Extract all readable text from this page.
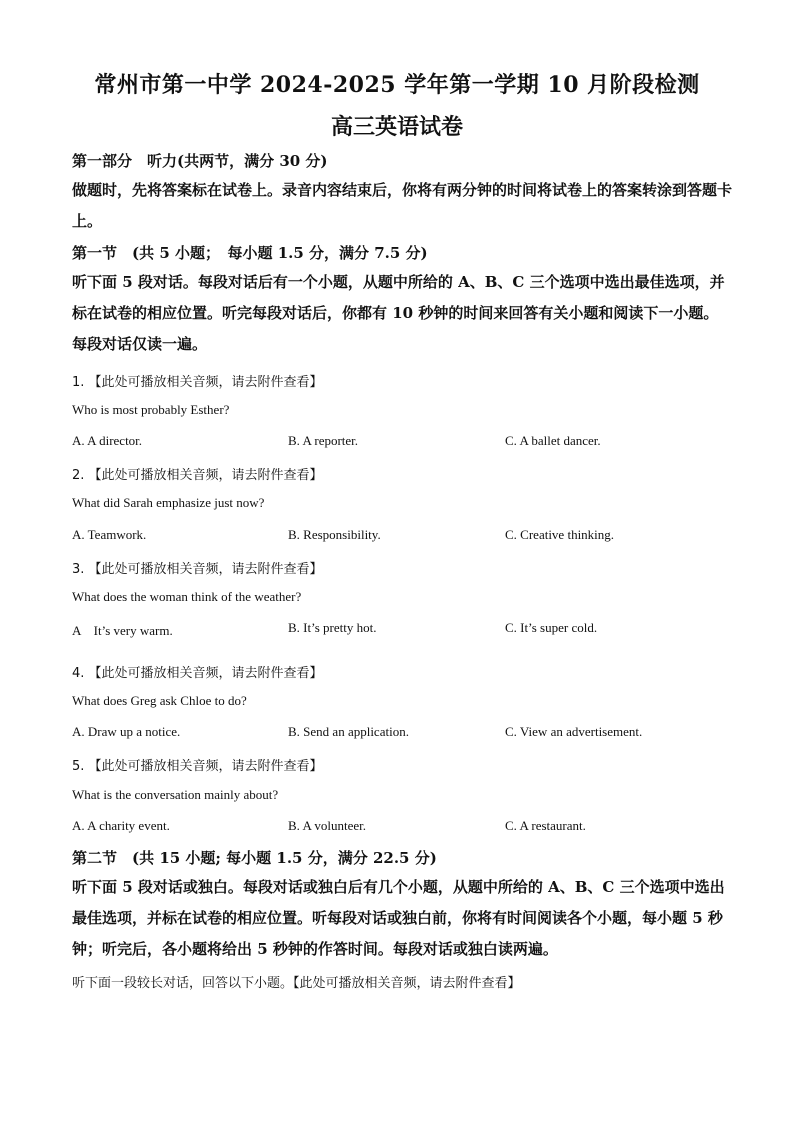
常州市第一中学 2024-2025 学年第一学期 10 月阶段检测
高三英语试卷
第一部分　听力(共两节，满分 30 分)
做题时，先将答案标在试卷上。录音内容结束后，你将有两分钟的时间将试卷上的答案转涂到答题卡上。
第一节　(共 5 小题；　每小题 1.5 分，满分 7.5 分)
听下面 5 段对话。每段对话后有一个小题，从题中所给的 A、B、C 三个选项中选出最佳选项，并标在试卷的相应位置。听完每段对话后，你都有 10 秒钟的时间来回答有关小题和阅读下一小题。每段对话仅读一遍。
1. 【此处可播放相关音频，请去附件查看】
Who is most probably Esther?
A. A director.	B. A reporter.	C. A ballet dancer.
2. 【此处可播放相关音频，请去附件查看】
What did Sarah emphasize just now?
A. Teamwork.	B. Responsibility.	C. Creative thinking.
3. 【此处可播放相关音频，请去附件查看】
What does the woman think of the weather?
A　It’s very warm.	B. It’s pretty hot.	C. It’s super cold.
4. 【此处可播放相关音频，请去附件查看】
What does Greg ask Chloe to do?
A. Draw up a notice.	B. Send an application.	C. View an advertisement.
5. 【此处可播放相关音频，请去附件查看】
What is the conversation mainly about?
A. A charity event.	B. A volunteer.	C. A restaurant.
第二节　(共 15 小题; 每小题 1.5 分，满分 22.5 分)
听下面 5 段对话或独白。每段对话或独白后有几个小题，从题中所给的 A、B、C 三个选项中选出最佳选项，并标在试卷的相应位置。听每段对话或独白前，你将有时间阅读各个小题，每小题 5 秒钟；听完后，各小题将给出 5 秒钟的作答时间。每段对话或独白读两遍。
听下面一段较长对话，回答以下小题。【此处可播放相关音频，请去附件查看】
